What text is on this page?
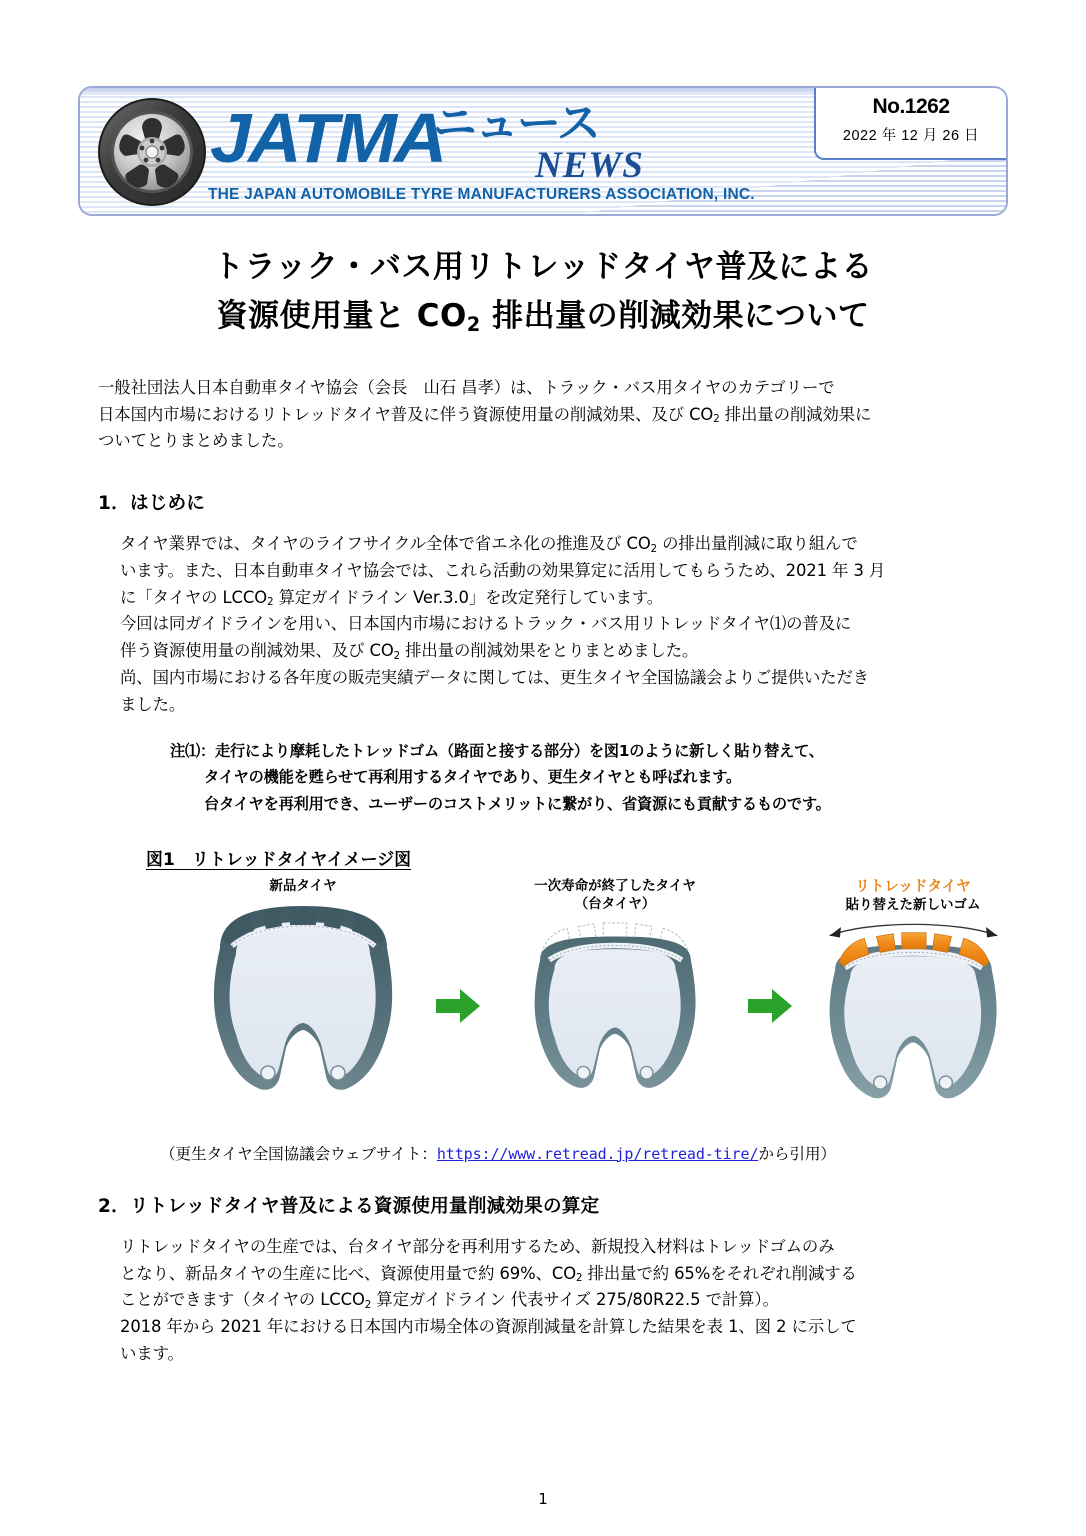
JATMA
ニュース
NEWS
THE JAPAN AUTOMOBILE TYRE MANUFACTURERS ASSOCIATION, INC.
No.1262
2022 年 12 月 26 日
トラック・バス用リトレッドタイヤ普及による
資源使用量と $CO_2$ 排出量の削減効果について
一般社団法人日本自動車タイヤ協会（会長　山石 昌孝）は、トラック・バス用タイヤのカテゴリーで
日本国内市場におけるリトレッドタイヤ普及に伴う資源使用量の削減効果、及び $CO_2$ 排出量の削減効果に
ついてとりまとめました。
1．はじめに
タイヤ業界では、タイヤのライフサイクル全体で省エネ化の推進及び $CO_2$ の排出量削減に取り組んで
います。また、日本自動車タイヤ協会では、これら活動の効果算定に活用してもらうため、2021 年 3 月
に「タイヤの $LCCO_2$ 算定ガイドライン Ver.3.0」を改定発行しています。
今回は同ガイドラインを用い、日本国内市場におけるトラック・バス用リトレッドタイヤ⑴の普及に
伴う資源使用量の削減効果、及び $CO_2$ 排出量の削減効果をとりまとめました。
尚、国内市場における各年度の販売実績データに関しては、更生タイヤ全国協議会よりご提供いただき
ました。
注⑴：走行により摩耗したトレッドゴム（路面と接する部分）を図1のように新しく貼り替えて、
タイヤの機能を甦らせて再利用するタイヤであり、更生タイヤとも呼ばれます。
台タイヤを再利用でき、ユーザーのコストメリットに繋がり、省資源にも貢献するものです。
図1　リトレッドタイヤイメージ図
新品タイヤ	一次寿命が終了したタイヤ
（台タイヤ）
リトレッドタイヤ
貼り替えた新しいゴム
（更生タイヤ全国協議会ウェブサイト：https://www.retread.jp/retread-tire/から引用）
2．リトレッドタイヤ普及による資源使用量削減効果の算定
リトレッドタイヤの生産では、台タイヤ部分を再利用するため、新規投入材料はトレッドゴムのみ
となり、新品タイヤの生産に比べ、資源使用量で約 69%、$CO_2$ 排出量で約 65%をそれぞれ削減する
ことができます（タイヤの $LCCO_2$ 算定ガイドライン 代表サイズ 275/80R22.5 で計算）。
2018 年から 2021 年における日本国内市場全体の資源削減量を計算した結果を表 1、図 2 に示して
います。
1
